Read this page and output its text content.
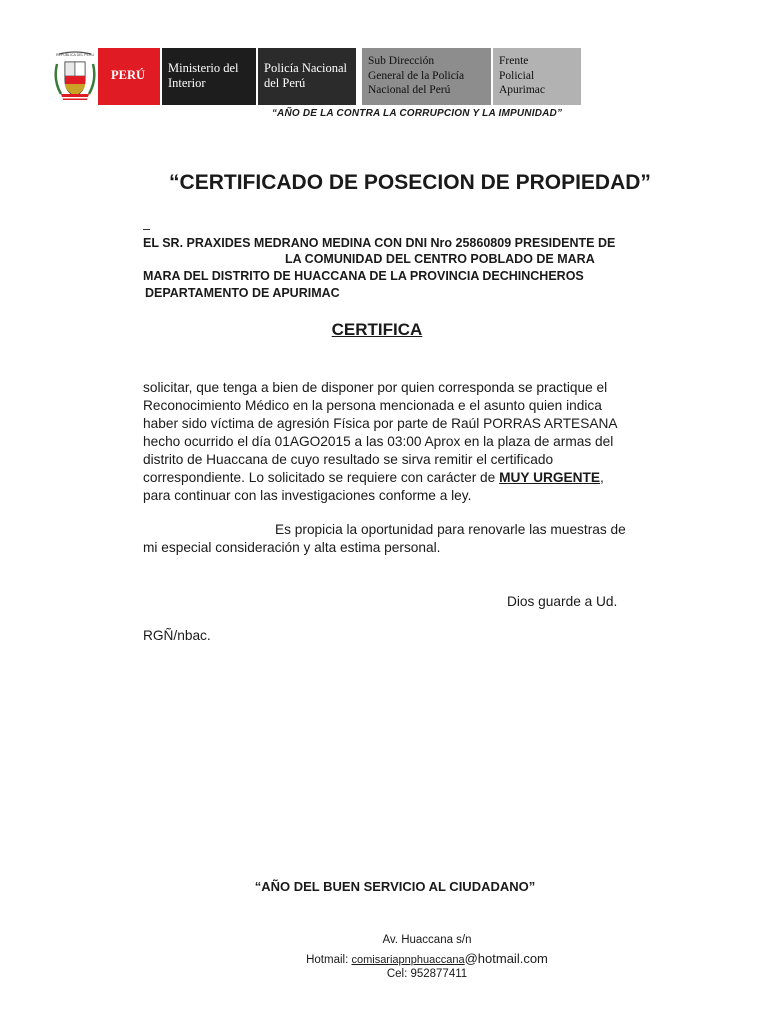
REPUBLICA DEL PERU
PERÚ	Ministerio del
Interior
Policía Nacional
del Perú
Sub Dirección
General de la Policía
Nacional del Perú
Frente
Policial
Apurimac
“AÑO DE LA CONTRA LA CORRUPCION Y LA IMPUNIDAD”
“CERTIFICADO DE POSECION DE PROPIEDAD”
EL SR. PRAXIDES MEDRANO MEDINA CON DNI Nro 25860809 PRESIDENTE DE
LA COMUNIDAD DEL CENTRO POBLADO DE MARA
MARA DEL DISTRITO DE HUACCANA DE LA PROVINCIA DECHINCHEROS
DEPARTAMENTO DE APURIMAC
CERTIFICA

solicitar, que tenga a bien de disponer por quien corresponda se practique el

Reconocimiento Médico en la persona mencionada e el asunto quien indica

haber sido víctima de agresión Física por parte de Raúl PORRAS ARTESANA

hecho ocurrido el día 01AGO2015 a las 03:00 Aprox en la plaza de armas del

distrito de Huaccana de cuyo resultado se sirva remitir el certificado

correspondiente. Lo solicitado se requiere con carácter de MUY URGENTE,

para continuar con las investigaciones conforme a ley.

Es propicia la oportunidad para renovarle las muestras de

mi especial consideración y alta estima personal.

Dios guarde a Ud.
RGÑ/nbac.
“AÑO DEL BUEN SERVICIO AL CIUDADANO”
Av. Huaccana s/n
Hotmail: comisariapnphuaccana@hotmail.com
Cel: 952877411
